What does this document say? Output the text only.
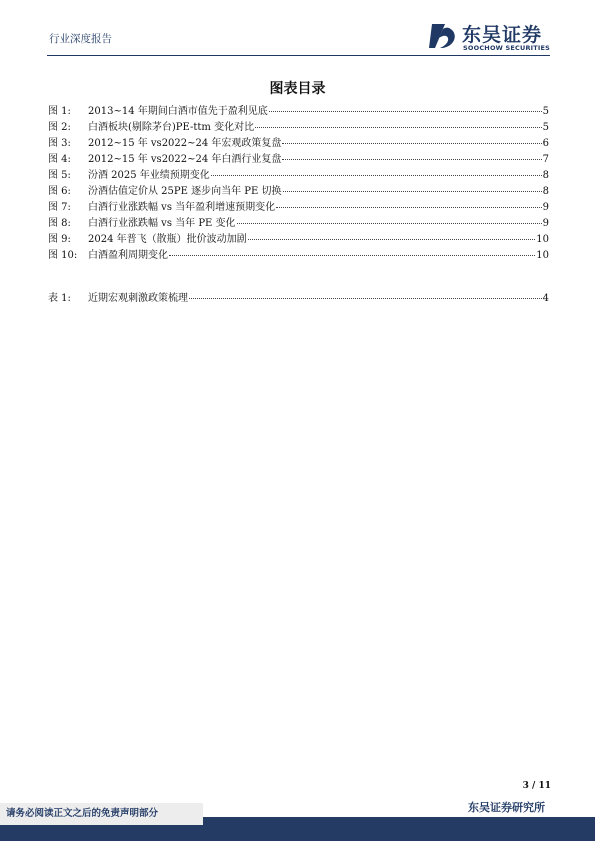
行业深度报告	东吴证券
SOOCHOW SECURITIES
图表目录
图 1:	2013~14 年期间白酒市值先于盈利见底	5
图 2:	白酒板块(剔除茅台)PE-ttm 变化对比	5
图 3:	2012~15 年 vs2022~24 年宏观政策复盘	6
图 4:	2012~15 年 vs2022~24 年白酒行业复盘	7
图 5:	汾酒 2025 年业绩预期变化	8
图 6:	汾酒估值定价从 25PE 逐步向当年 PE 切换	8
图 7:	白酒行业涨跌幅 vs 当年盈利增速预期变化	9
图 8:	白酒行业涨跌幅 vs 当年 PE 变化	9
图 9:	2024 年普飞（散瓶）批价波动加剧	10
图 10:	白酒盈利周期变化	10
表 1:	近期宏观刺激政策梳理	4
3 / 11
东吴证券研究所
请务必阅读正文之后的免责声明部分
